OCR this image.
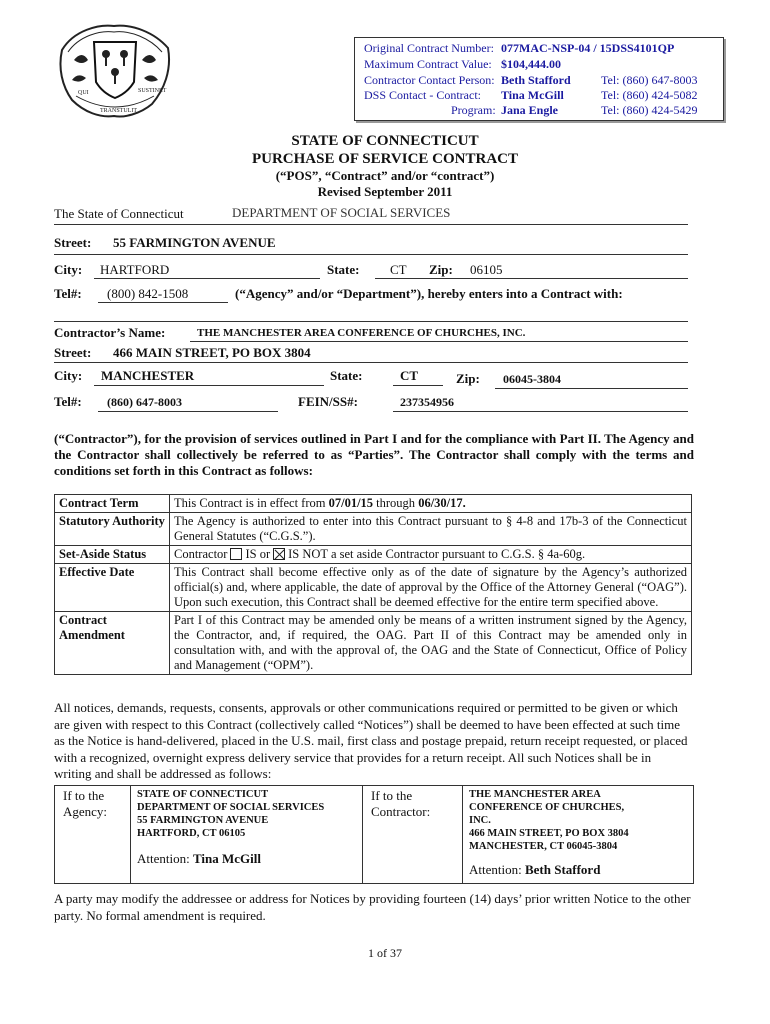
QUI	SUSTINET
TRANSTULIT
Original Contract Number: 077MAC-NSP-04 / 15DSS4101QP
Maximum Contract Value: $104,444.00
Contractor Contact Person: Beth Stafford	Tel: (860) 647-8003
DSS Contact - Contract: Tina McGill	Tel: (860) 424-5082
Program: Jana Engle	Tel: (860) 424-5429
STATE OF CONNECTICUT
PURCHASE OF SERVICE CONTRACT
(“POS”, “Contract” and/or “contract”)
Revised September 2011
The State of Connecticut	DEPARTMENT OF SOCIAL SERVICES
Street: 55 FARMINGTON AVENUE
City: HARTFORD	State: CT Zip: 06105
Tel#: (800) 842-1508	(“Agency” and/or “Department”), hereby enters into a Contract with:
Contractor’s Name:	THE MANCHESTER AREA CONFERENCE OF CHURCHES, INC.
Street: 466 MAIN STREET, PO BOX 3804
City: MANCHESTER	State:	CT	Zip: 06045-3804
Tel#: (860) 647-8003	FEIN/SS#:	237354956
(“Contractor”), for the provision of services outlined in Part I and for the compliance with Part II. The Agency and the Contractor shall collectively be referred to as “Parties”. The Contractor shall comply with the terms and conditions set forth in this Contract as follows:
Contract Term	This Contract is in effect from 07/01/15 through 06/30/17.
Statutory Authority	The Agency is authorized to enter into this Contract pursuant to § 4-8 and 17b-3 of the Connecticut General Statutes (“C.G.S.”).
Set-Aside Status	Contractor IS or IS NOT a set aside Contractor pursuant to C.G.S. § 4a-60g.
Effective Date	This Contract shall become effective only as of the date of signature by the Agency’s authorized official(s) and, where applicable, the date of approval by the Office of the Attorney General (“OAG”). Upon such execution, this Contract shall be deemed effective for the entire term specified above.
Contract Amendment	Part I of this Contract may be amended only be means of a written instrument signed by the Agency, the Contractor, and, if required, the OAG. Part II of this Contract may be amended only in consultation with, and with the approval of, the OAG and the State of Connecticut, Office of Policy and Management (“OPM”).
All notices, demands, requests, consents, approvals or other communications required or permitted to be given or which are given with respect to this Contract (collectively called “Notices”) shall be deemed to have been effected at such time as the Notice is hand-delivered, placed in the U.S. mail, first class and postage prepaid, return receipt requested, or placed with a recognized, overnight express delivery service that provides for a return receipt. All such Notices shall be in writing and shall be addressed as follows:
If to the Agency:	
STATE OF CONNECTICUT
DEPARTMENT OF SOCIAL SERVICES
55 FARMINGTON AVENUE
HARTFORD, CT 06105
Attention: Tina McGill
	If to the Contractor:	
THE MANCHESTER AREA
CONFERENCE OF CHURCHES,
INC.
466 MAIN STREET, PO BOX 3804
MANCHESTER, CT 06045-3804
Attention: Beth Stafford
A party may modify the addressee or address for Notices by providing fourteen (14) days’ prior written Notice to the other party. No formal amendment is required.
1 of 37
